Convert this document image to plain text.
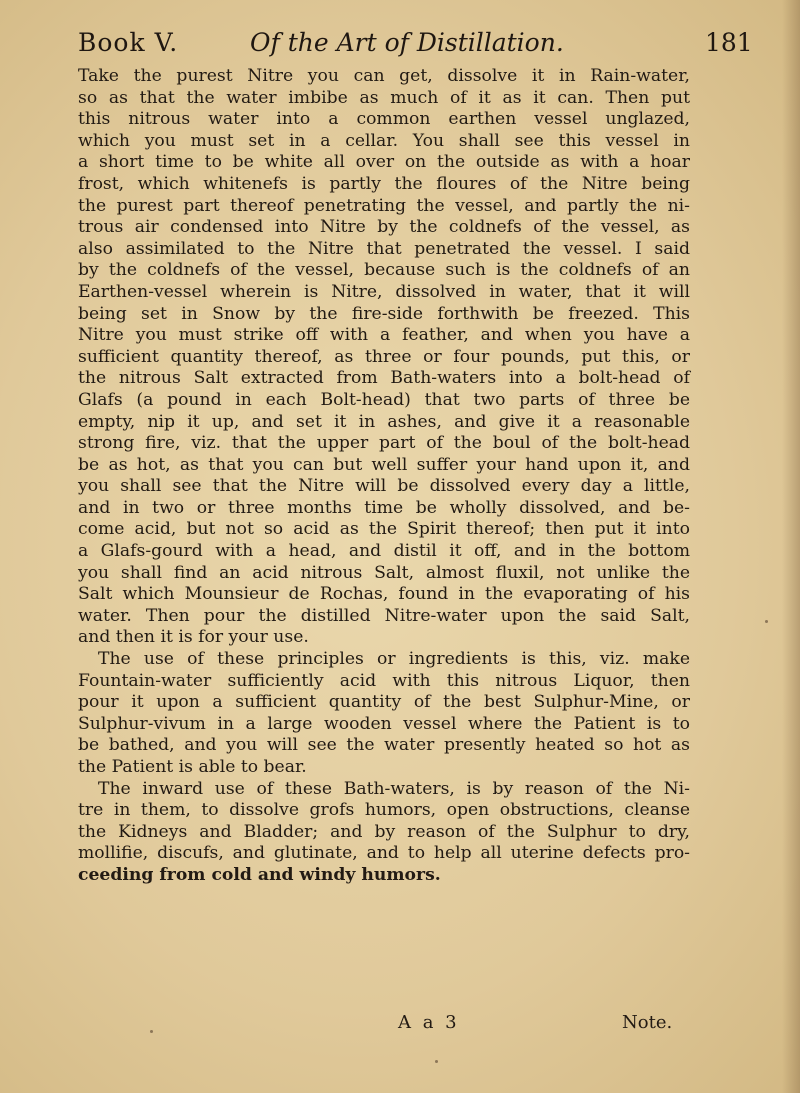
Book V.	Of the Art of Distillation.	181
Take the purest Nitre you can get, dissolve it in Rain-water,
so as that the water imbibe as much of it as it can. Then put
this nitrous water into a common earthen vessel unglazed,
which you must set in a cellar. You shall see this vessel in
a short time to be white all over on the outside as with a hoar
frost, which whitenefs is partly the floures of the Nitre being
the purest part thereof penetrating the vessel, and partly the ni-
trous air condensed into Nitre by the coldnefs of the vessel, as
also assimilated to the Nitre that penetrated the vessel. I said
by the coldnefs of the vessel, because such is the coldnefs of an
Earthen-vessel wherein is Nitre, dissolved in water, that it will
being set in Snow by the fire-side forthwith be freezed. This
Nitre you must strike off with a feather, and when you have a
sufficient quantity thereof, as three or four pounds, put this, or
the nitrous Salt extracted from Bath-waters into a bolt-head of
Glafs (a pound in each Bolt-head) that two parts of three be
empty, nip it up, and set it in ashes, and give it a reasonable
strong fire, viz. that the upper part of the boul of the bolt-head
be as hot, as that you can but well suffer your hand upon it, and
you shall see that the Nitre will be dissolved every day a little,
and in two or three months time be wholly dissolved, and be-
come acid, but not so acid as the Spirit thereof; then put it into
a Glafs-gourd with a head, and distil it off, and in the bottom
you shall find an acid nitrous Salt, almost fluxil, not unlike the
Salt which Mounsieur de Rochas, found in the evaporating of his
water. Then pour the distilled Nitre-water upon the said Salt,
and then it is for your use.
The use of these principles or ingredients is this, viz. make
Fountain-water sufficiently acid with this nitrous Liquor, then
pour it upon a sufficient quantity of the best Sulphur-Mine, or
Sulphur-vivum in a large wooden vessel where the Patient is to
be bathed, and you will see the water presently heated so hot as
the Patient is able to bear.
The inward use of these Bath-waters, is by reason of the Ni-
tre in them, to dissolve grofs humors, open obstructions, cleanse
the Kidneys and Bladder; and by reason of the Sulphur to dry,
mollifie, discufs, and glutinate, and to help all uterine defects pro-
ceeding from cold and windy humors.
A a 3	Note.
